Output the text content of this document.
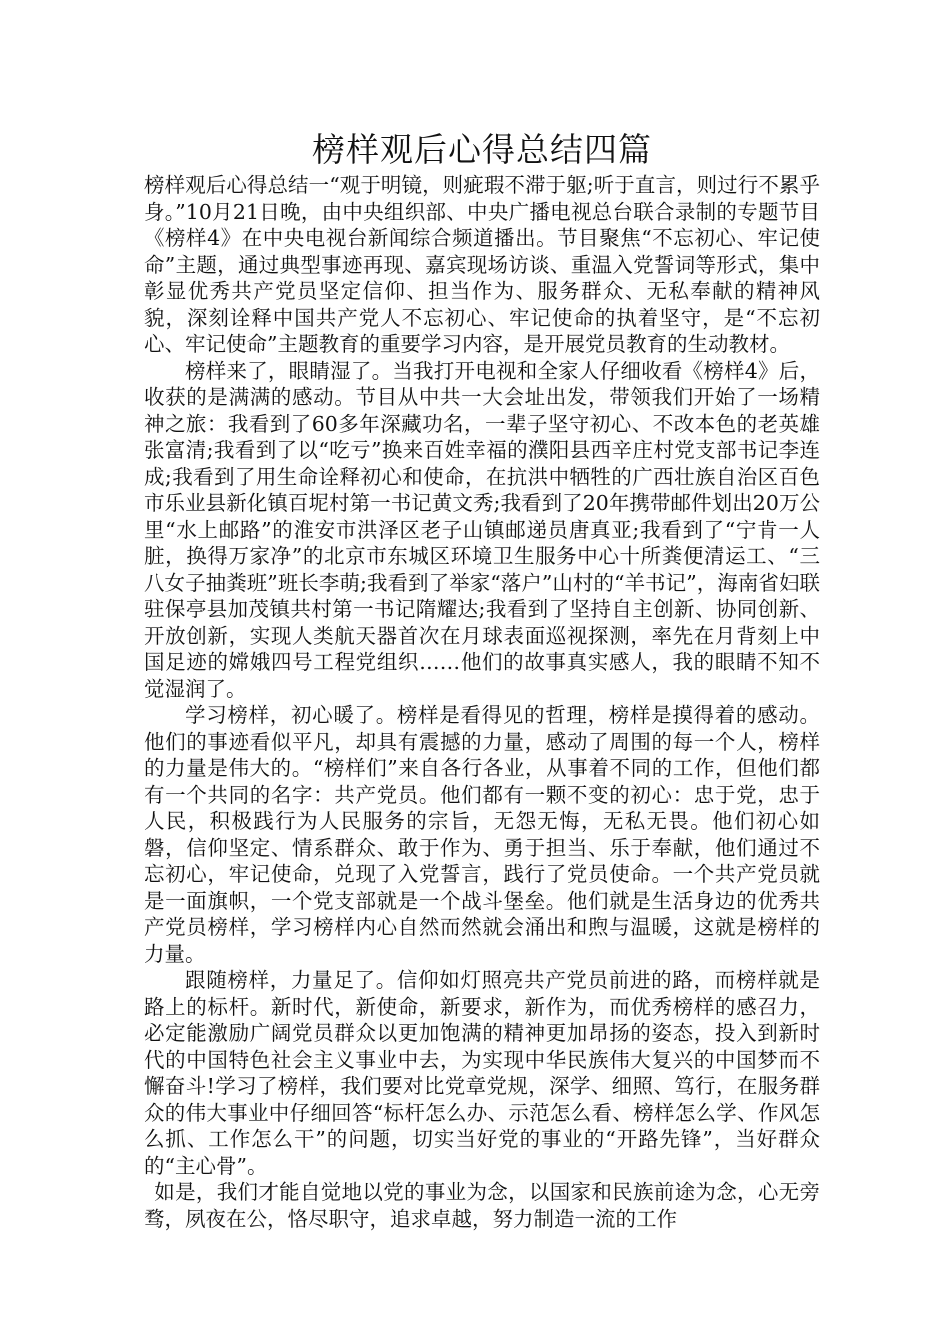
榜样观后心得总结四篇

榜样观后心得总结一“观于明镜，则疵瑕不滞于躯;听于直言，则过行不累乎身。”10月21日晚，由中央组织部、中央广播电视总台联合录制的专题节目《榜样4》在中央电视台新闻综合频道播出。节目聚焦“不忘初心、牢记使命”主题，通过典型事迹再现、嘉宾现场访谈、重温入党誓词等形式，集中彰显优秀共产党员坚定信仰、担当作为、服务群众、无私奉献的精神风貌，深刻诠释中国共产党人不忘初心、牢记使命的执着坚守，是“不忘初心、牢记使命”主题教育的重要学习内容，是开展党员教育的生动教材。

榜样来了，眼睛湿了。当我打开电视和全家人仔细收看《榜样4》后，收获的是满满的感动。节目从中共一大会址出发，带领我们开始了一场精神之旅：我看到了60多年深藏功名，一辈子坚守初心、不改本色的老英雄张富清;我看到了以“吃亏”换来百姓幸福的濮阳县西辛庄村党支部书记李连成;我看到了用生命诠释初心和使命，在抗洪中牺牲的广西壮族自治区百色市乐业县新化镇百坭村第一书记黄文秀;我看到了20年携带邮件划出20万公里“水上邮路”的淮安市洪泽区老子山镇邮递员唐真亚;我看到了“宁肯一人脏，换得万家净”的北京市东城区环境卫生服务中心十所粪便清运工、“三八女子抽粪班”班长李萌;我看到了举家“落户”山村的“羊书记”，海南省妇联驻保亭县加茂镇共村第一书记隋耀达;我看到了坚持自主创新、协同创新、开放创新，实现人类航天器首次在月球表面巡视探测，率先在月背刻上中国足迹的嫦娥四号工程党组织……他们的故事真实感人，我的眼睛不知不觉湿润了。

学习榜样，初心暖了。榜样是看得见的哲理，榜样是摸得着的感动。他们的事迹看似平凡，却具有震撼的力量，感动了周围的每一个人，榜样的力量是伟大的。“榜样们”来自各行各业，从事着不同的工作，但他们都有一个共同的名字：共产党员。他们都有一颗不变的初心：忠于党，忠于人民，积极践行为人民服务的宗旨，无怨无悔，无私无畏。他们初心如磐，信仰坚定、情系群众、敢于作为、勇于担当、乐于奉献，他们通过不忘初心，牢记使命，兑现了入党誓言，践行了党员使命。一个共产党员就是一面旗帜，一个党支部就是一个战斗堡垒。他们就是生活身边的优秀共产党员榜样，学习榜样内心自然而然就会涌出和煦与温暖，这就是榜样的力量。

跟随榜样，力量足了。信仰如灯照亮共产党员前进的路，而榜样就是路上的标杆。新时代，新使命，新要求，新作为，而优秀榜样的感召力，必定能激励广阔党员群众以更加饱满的精神更加昂扬的姿态，投入到新时代的中国特色社会主义事业中去，为实现中华民族伟大复兴的中国梦而不懈奋斗!学习了榜样，我们要对比党章党规，深学、细照、笃行，在服务群众的伟大事业中仔细回答“标杆怎么办、示范怎么看、榜样怎么学、作风怎么抓、工作怎么干”的问题，切实当好党的事业的“开路先锋”，当好群众的“主心骨”。

如是，我们才能自觉地以党的事业为念，以国家和民族前途为念，心无旁骛，夙夜在公，恪尽职守，追求卓越，努力制造一流的工作
